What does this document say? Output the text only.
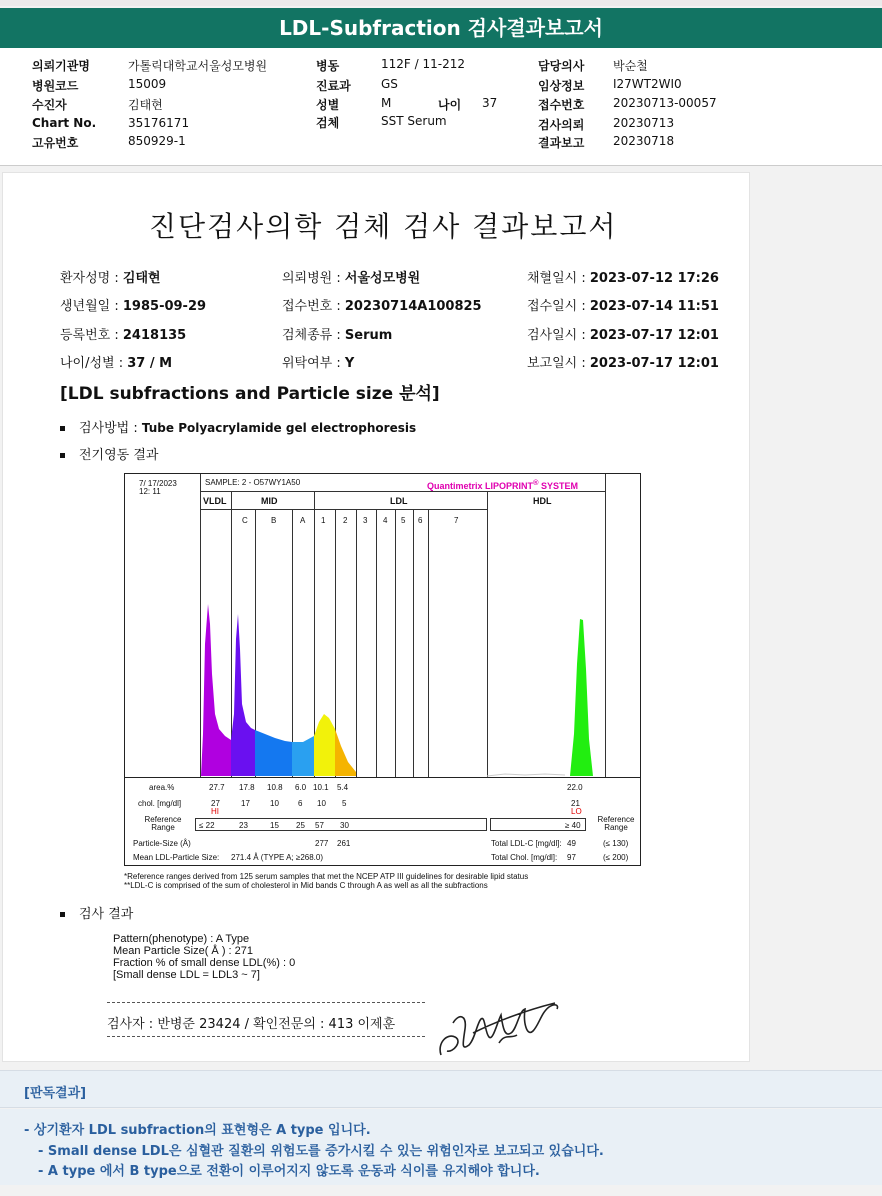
LDL-Subfraction 검사결과보고서
의뢰기관명	가톨릭대학교서울성모병원	병동	112F / 11-212	담당의사 박순철
병원코드	15009	진료과	GS	임상정보 I27WT2WI0
수진자	김태현	성별	M	나이 37	접수번호 20230713-00057
Chart No.	35176171	검체	SST Serum	검사의뢰 20230713
고유번호	850929-1	결과보고 20230718
진단검사의학 검체 검사 결과보고서
환자성명 : 김태현
생년월일 : 1985-09-29
등록번호 : 2418135
나이/성별 : 37 / M
의뢰병원 : 서울성모병원
접수번호 : 20230714A100825
검체종류 : Serum
위탁여부 : Y
채혈일시 : 2023-07-12 17:26
접수일시 : 2023-07-14 11:51
검사일시 : 2023-07-17 12:01
보고일시 : 2023-07-17 12:01
[LDL subfractions and Particle size 분석]
검사방법 : Tube Polyacrylamide gel electrophoresis
전기영동 결과
7/ 17/2023
12: 11
SAMPLE: 2 - O57WY1A50	Quantimetrix LIPOPRINT® SYSTEM
VLDL	MID	LDL	HDL
C	B	A 1 2 3 4 5 6	7
area.%	27.7 17.8 10.8 6.0 10.1 5.4	22.0
chol. [mg/dl]	27	17	10 6 10 5	21
HI	LO
Reference Range	≤ 22	23	15 25 57 30	≥ 40
Reference Range
Particle-Size (Å)	277 261	Total LDL-C [mg/dl]: 49	(≤ 130)
Mean LDL-Particle Size: 271.4 Å (TYPE A; ≥268.0)	Total Chol. [mg/dl]: 97	(≤ 200)
*Reference ranges derived from 125 serum samples that met the NCEP ATP III guidelines for desirable lipid status
**LDL-C is comprised of the sum of cholesterol in Mid bands C through A as well as all the subfractions
검사 결과
Pattern(phenotype) : A Type
Mean Particle Size( Å ) : 271
Fraction % of small dense LDL(%) : 0
[Small dense LDL = LDL3 ~ 7]
검사자 : 반병준 23424 / 확인전문의 : 413 이제훈
[판독결과]
- 상기환자 LDL subfraction의 표현형은 A type 입니다.
- Small dense LDL은 심혈관 질환의 위험도를 증가시킬 수 있는 위험인자로 보고되고 있습니다.
- A type 에서 B type으로 전환이 이루어지지 않도록 운동과 식이를 유지해야 합니다.
